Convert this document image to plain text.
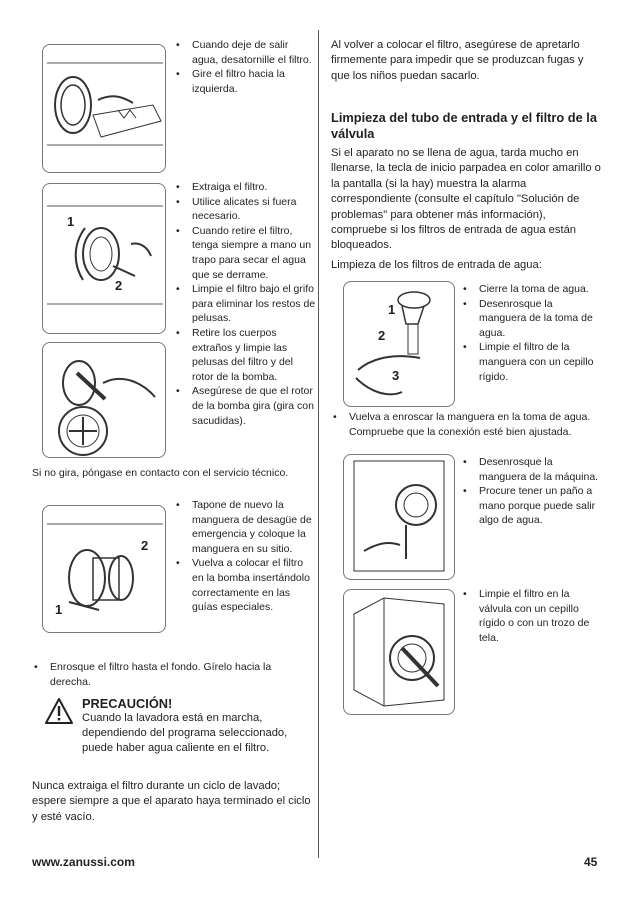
• Cuando deje de salir agua, desatornille el filtro.
• Gire el filtro hacia la izquierda.
1
2
• Extraiga el filtro.
• Utilice alicates si fuera necesario.
• Cuando retire el filtro, tenga siempre a mano un trapo para secar el agua que se derrame.
• Limpie el filtro bajo el grifo para eliminar los restos de pelusas.
• Retire los cuerpos extraños y limpie las pelusas del filtro y del rotor de la bomba.
• Asegúrese de que el rotor de la bomba gira (gira con sacudidas).
Si no gira, póngase en contacto con el servicio técnico.
2
1
• Tapone de nuevo la manguera de desagüe de emergencia y coloque la manguera en su sitio.
• Vuelva a colocar el filtro en la bomba insertándolo correctamente en las guías especiales.
• Enrosque el filtro hasta el fondo. Gírelo hacia la derecha.
PRECAUCIÓN!
Cuando la lavadora está en marcha, dependiendo del programa seleccionado, puede haber agua caliente en el filtro.
Nunca extraiga el filtro durante un ciclo de lavado; espere siempre a que el aparato haya terminado el ciclo y esté vacío.
Al volver a colocar el filtro, asegúrese de apretarlo firmemente para impedir que se produzcan fugas y que los niños puedan sacarlo.
Limpieza del tubo de entrada y el filtro de la válvula
Si el aparato no se llena de agua, tarda mucho en llenarse, la tecla de inicio parpadea en color amarillo o la pantalla (si la hay) muestra la alarma correspondiente (consulte el capítulo "Solución de problemas" para obtener más información), compruebe si los filtros de entrada de agua están bloqueados.
Limpieza de los filtros de entrada de agua:
1
2
3
• Cierre la toma de agua.
• Desenrosque la manguera de la toma de agua.
• Limpie el filtro de la manguera con un cepillo rígido.
• Vuelva a enroscar la manguera en la toma de agua. Compruebe que la conexión esté bien ajustada.
• Desenrosque la manguera de la máquina.
• Procure tener un paño a mano porque puede salir algo de agua.
• Limpie el filtro en la válvula con un cepillo rígido o con un trozo de tela.
www.zanussi.com	45
